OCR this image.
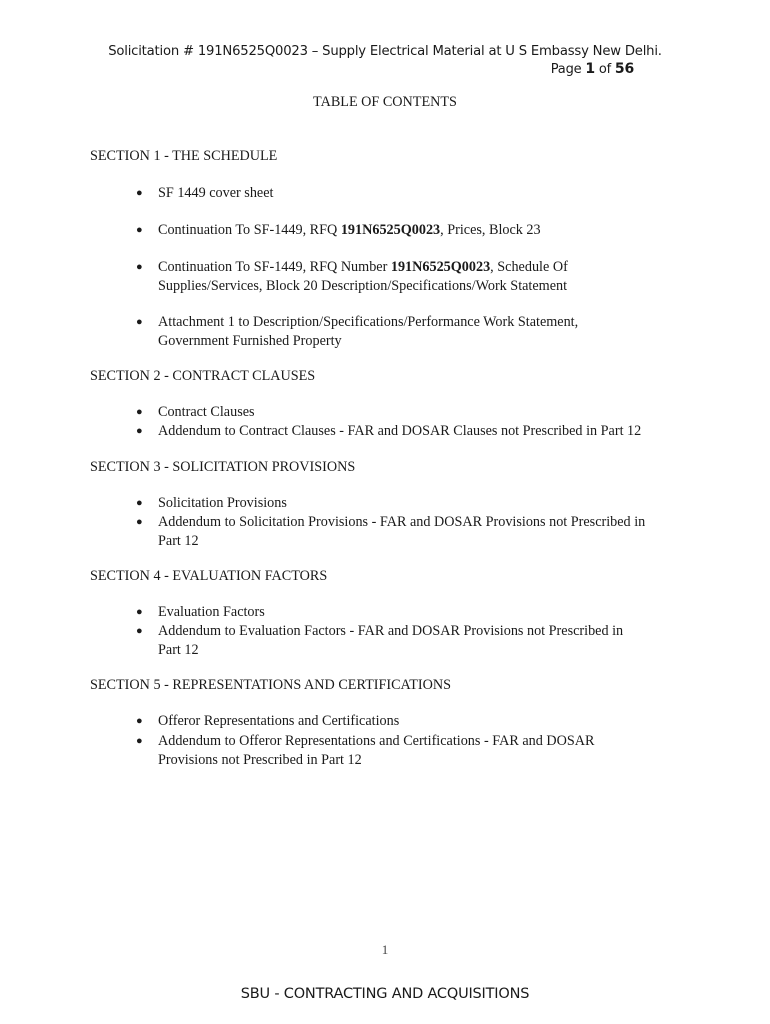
Solicitation # 191N6525Q0023 – Supply Electrical Material at U S Embassy New Delhi.
Page 1 of 56
TABLE OF CONTENTS
SECTION 1 - THE SCHEDULE
●
SF 1449 cover sheet
●
Continuation To SF-1449, RFQ 191N6525Q0023, Prices, Block 23
●
Continuation To SF-1449, RFQ Number 191N6525Q0023, Schedule Of
Supplies/Services, Block 20 Description/Specifications/Work Statement
●
Attachment 1 to Description/Specifications/Performance Work Statement,
Government Furnished Property
SECTION 2 - CONTRACT CLAUSES
●
Contract Clauses
●
Addendum to Contract Clauses - FAR and DOSAR Clauses not Prescribed in Part 12
SECTION 3 - SOLICITATION PROVISIONS
●
Solicitation Provisions
●
Addendum to Solicitation Provisions - FAR and DOSAR Provisions not Prescribed in
Part 12
SECTION 4 - EVALUATION FACTORS
●
Evaluation Factors
●
Addendum to Evaluation Factors - FAR and DOSAR Provisions not Prescribed in
Part 12
SECTION 5 - REPRESENTATIONS AND CERTIFICATIONS
●
Offeror Representations and Certifications
●
Addendum to Offeror Representations and Certifications - FAR and DOSAR
Provisions not Prescribed in Part 12
1
SBU - CONTRACTING AND ACQUISITIONS
